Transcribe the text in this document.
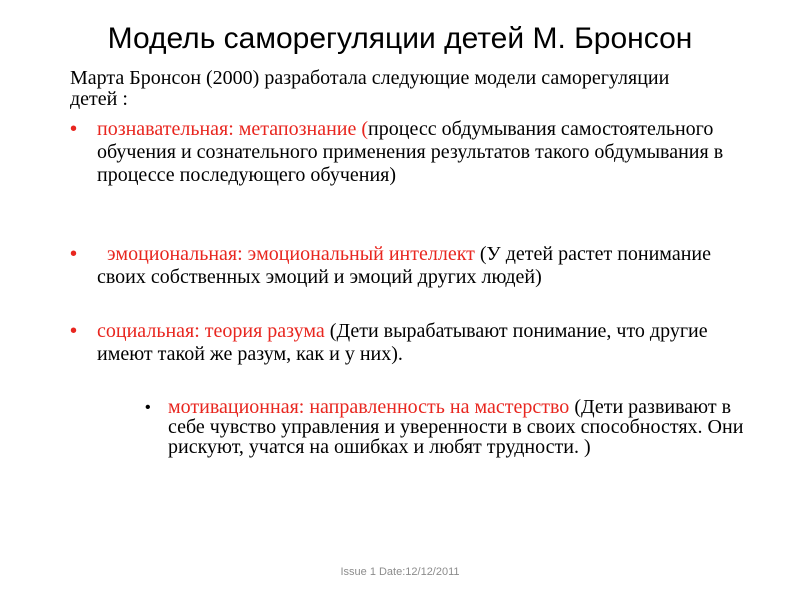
Модель саморегуляции детей М. Бронсон
Марта Бронсон (2000) разработала следующие модели саморегуляции детей :
• познавательная: метапознание (процесс обдумывания самостоятельного обучения и сознательного применения результатов такого обдумывания в процессе последующего обучения)
•	эмоциональная: эмоциональный интеллект (У детей растет понимание своих собственных эмоций и эмоций других людей)
• социальная: теория разума (Дети вырабатывают понимание, что другие имеют такой же разум, как и у них).
• мотивационная: направленность на мастерство (Дети развивают в себе чувство управления и уверенности в своих способностях. Они рискуют, учатся на ошибках и любят трудности. )
Issue 1 Date:12/12/2011
